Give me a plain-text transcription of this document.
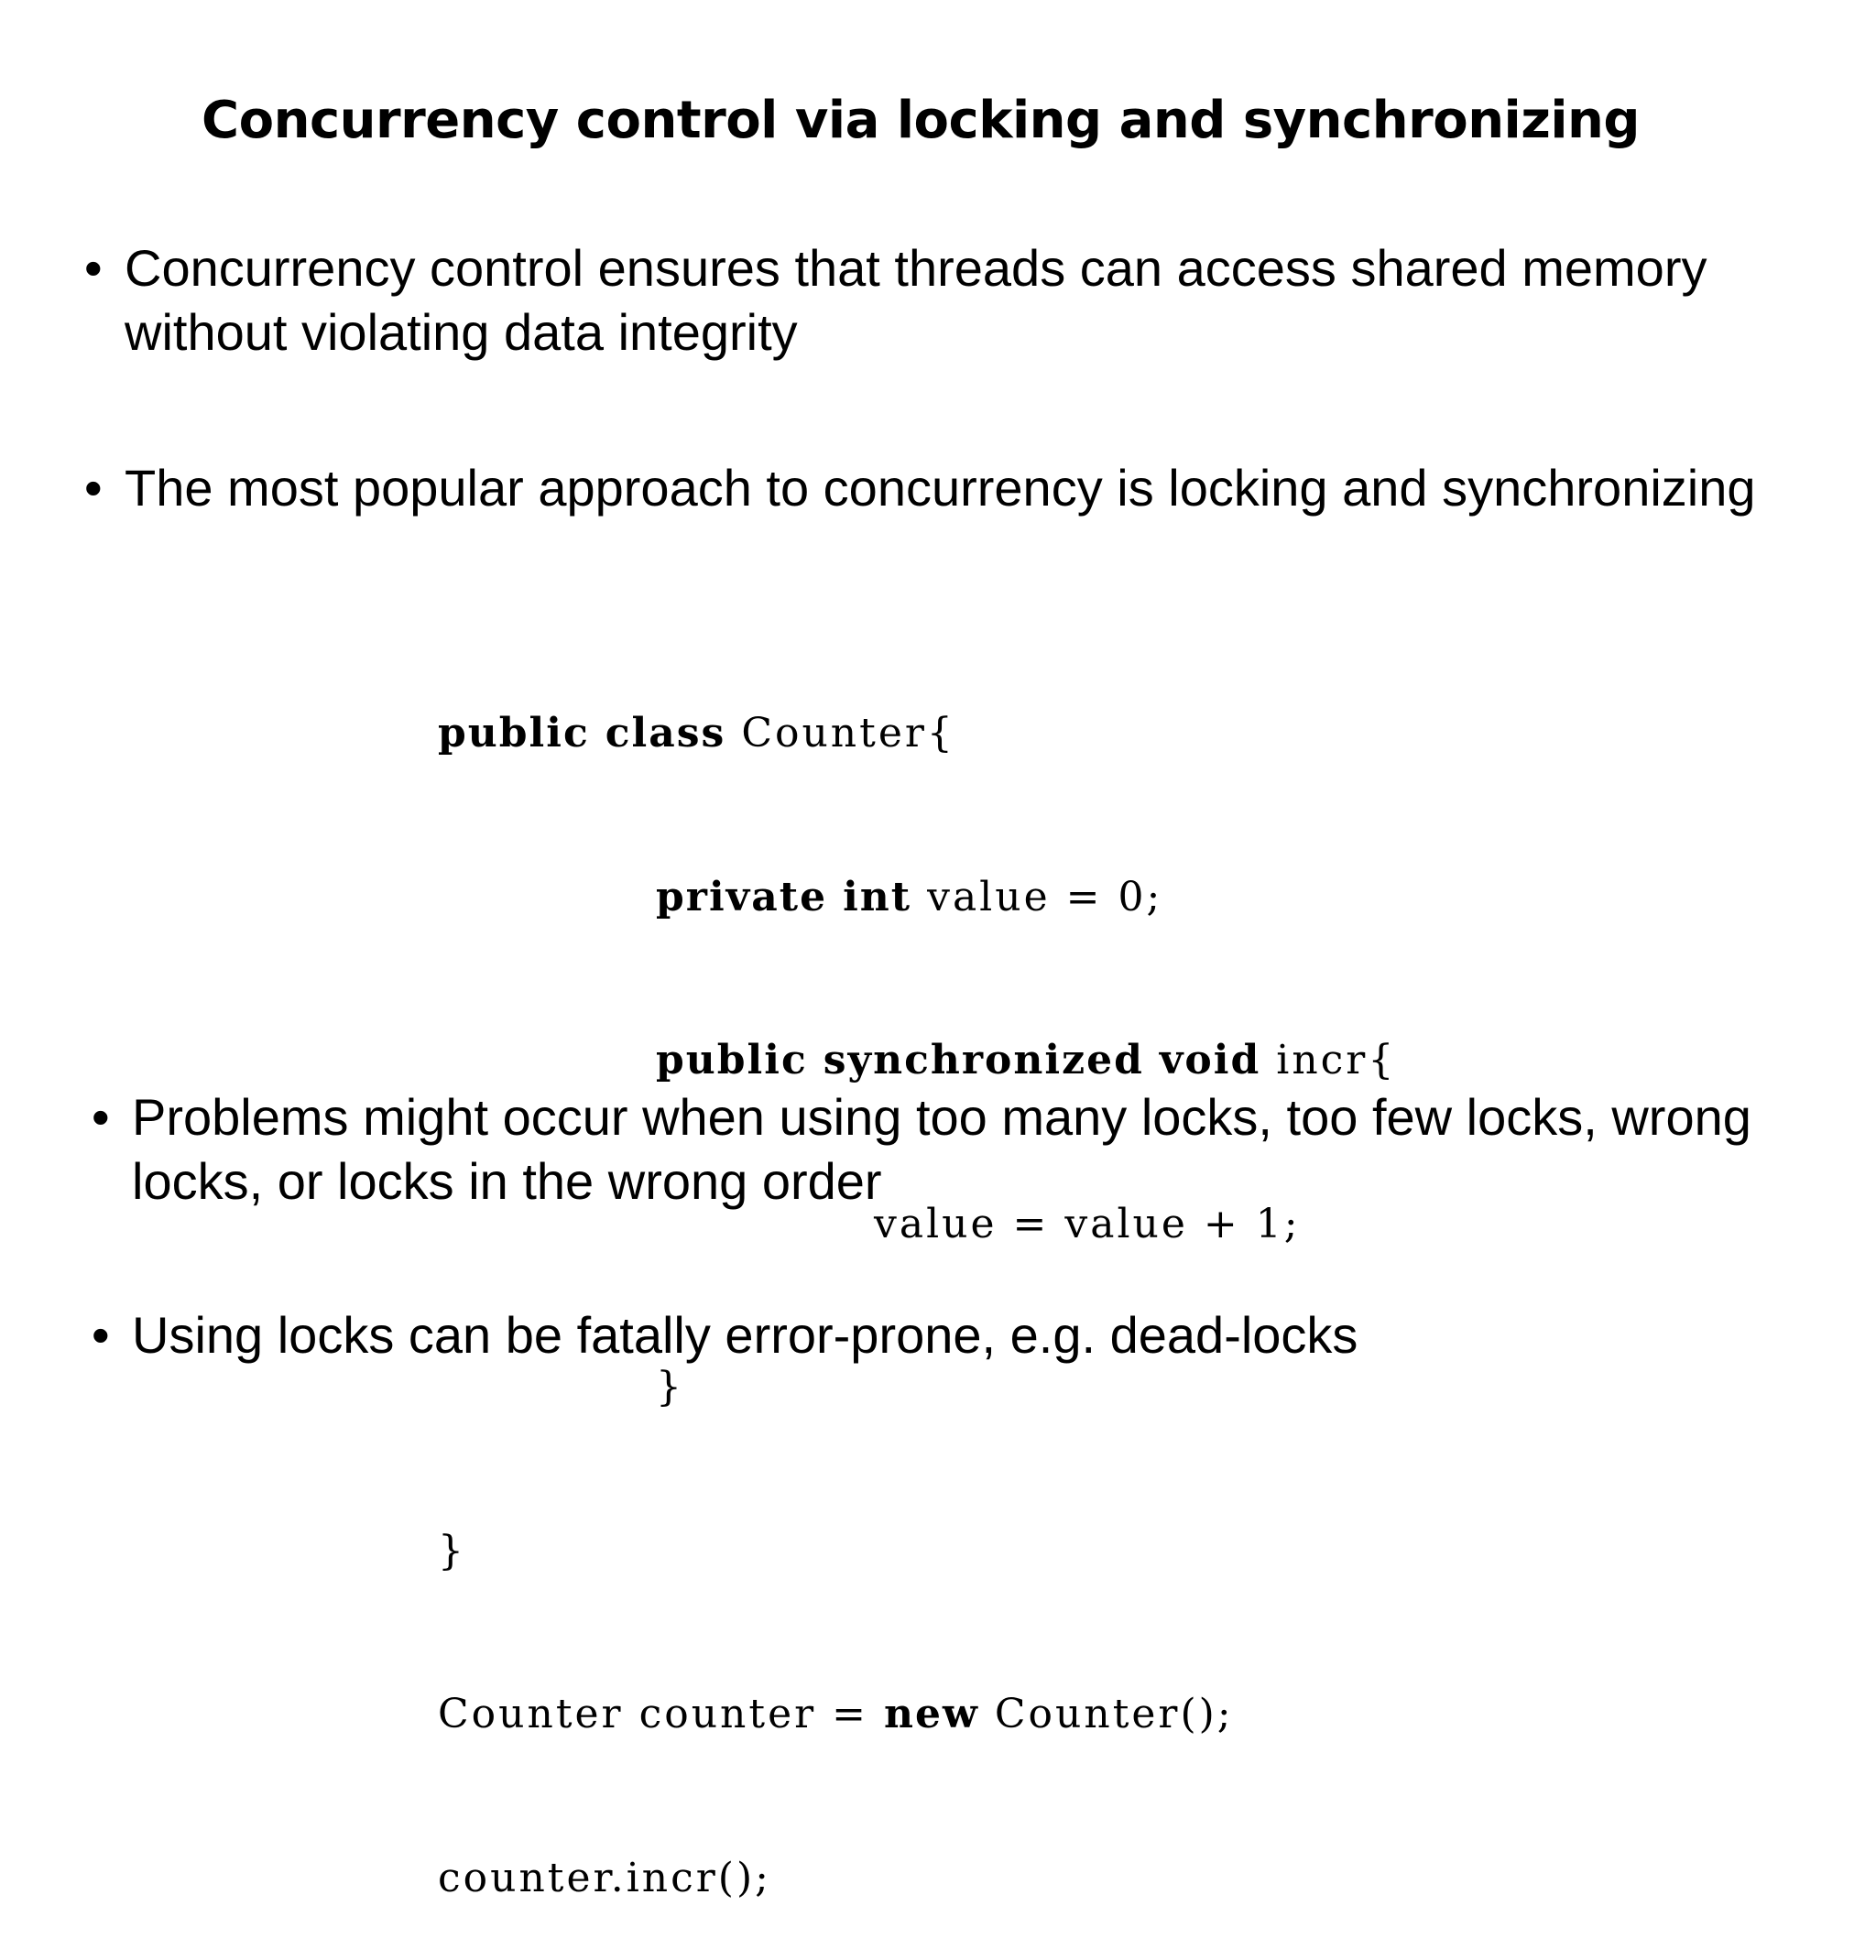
Concurrency control via locking and synchronizing
• Concurrency control ensures that threads can access shared memory
without violating data integrity
• The most popular approach to concurrency is locking and synchronizing

public class Counter{

private int value = 0;

public synchronized void incr{

value = value + 1;

}

}

Counter counter = new Counter();

counter.incr();

• Problems might occur when using too many locks, too few locks, wrong
locks, or locks in the wrong order
• Using locks can be fatally error-prone, e.g. dead-locks
